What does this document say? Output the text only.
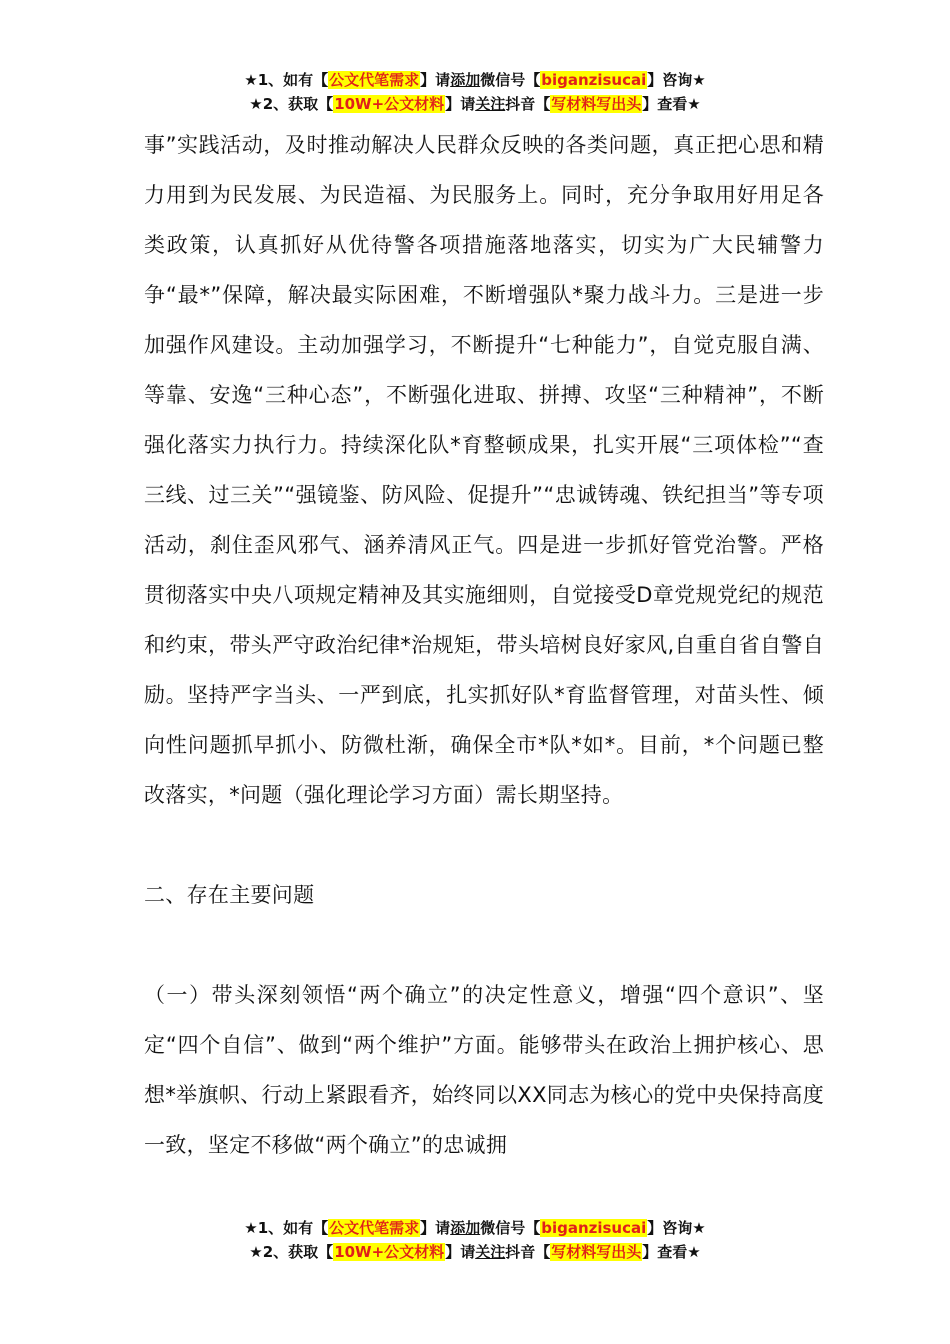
★1、如有【公文代笔需求】请添加微信号【biganzisucai】咨询★
★2、获取【10W+公文材料】请关注抖音【写材料写出头】查看★

事”实践活动，及时推动解决人民群众反映的各类问题，真正把心思和精力用到为民发展、为民造福、为民服务上。同时，充分争取用好用足各类政策，认真抓好从优待警各项措施落地落实，切实为广大民辅警力争“最*”保障，解决最实际困难，不断增强队*聚力战斗力。三是进一步加强作风建设。主动加强学习，不断提升“七种能力”，自觉克服自满、等靠、安逸“三种心态”，不断强化进取、拼搏、攻坚“三种精神”，不断强化落实力执行力。持续深化队*育整顿成果，扎实开展“三项体检”“查三线、过三关”“强镜鉴、防风险、促提升”“忠诚铸魂、铁纪担当”等专项活动，刹住歪风邪气、涵养清风正气。四是进一步抓好管党治警。严格贯彻落实中央八项规定精神及其实施细则，自觉接受D章党规党纪的规范和约束，带头严守政治纪律*治规矩，带头培树良好家风,自重自省自警自励。坚持严字当头、一严到底，扎实抓好队*育监督管理，对苗头性、倾向性问题抓早抓小、防微杜渐，确保全市*队*如*。目前，*个问题已整改落实，*问题（强化理论学习方面）需长期坚持。

二、存在主要问题

（一）带头深刻领悟“两个确立”的决定性意义，增强“四个意识”、坚定“四个自信”、做到“两个维护”方面。能够带头在政治上拥护核心、思想*举旗帜、行动上紧跟看齐，始终同以XX同志为核心的党中央保持高度一致，坚定不移做“两个确立”的忠诚拥

★1、如有【公文代笔需求】请添加微信号【biganzisucai】咨询★
★2、获取【10W+公文材料】请关注抖音【写材料写出头】查看★
